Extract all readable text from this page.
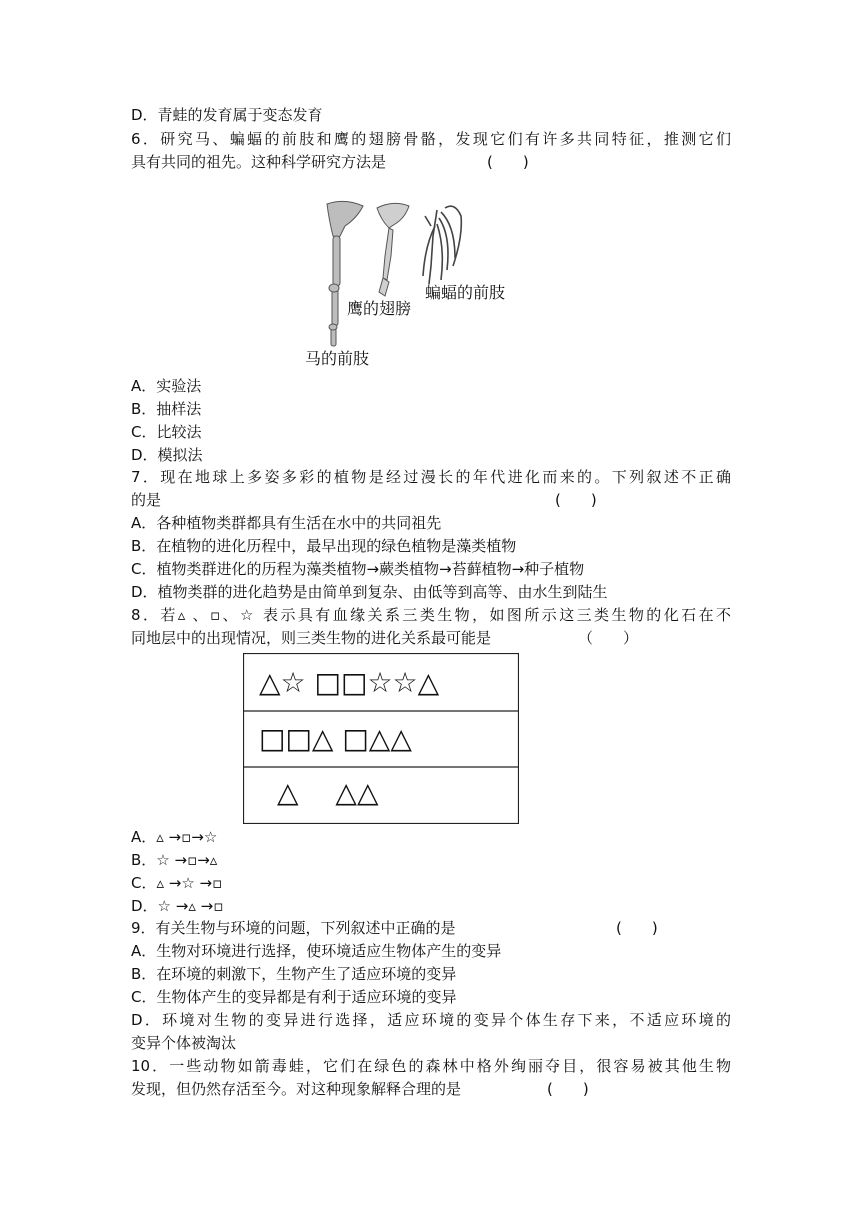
D．青蛙的发育属于变态发育
6．研究马、蝙蝠的前肢和鹰的翅膀骨骼，发现它们有许多共同特征，推测它们
具有共同的祖先。这种科学研究方法是	(　　)
蝙蝠的前肢
鹰的翅膀
马的前肢
A．实验法
B．抽样法
C．比较法
D．模拟法
7．现在地球上多姿多彩的植物是经过漫长的年代进化而来的。下列叙述不正确
的是	(　　)
A．各种植物类群都具有生活在水中的共同祖先
B．在植物的进化历程中，最早出现的绿色植物是藻类植物
C．植物类群进化的历程为藻类植物→蕨类植物→苔藓植物→种子植物
D．植物类群的进化趋势是由简单到复杂、由低等到高等、由水生到陆生
8．若▵ 、▫、☆ 表示具有血缘关系三类生物，如图所示这三类生物的化石在不
同地层中的出现情况，则三类生物的进化关系最可能是	（　　）
△☆ □□☆☆△
□□△ □△△
△　 △△
A．▵ →▫→☆
B．☆ →▫→▵
C．▵ →☆ →▫
D．☆ →▵ →▫
9．有关生物与环境的问题，下列叙述中正确的是	(　　)
A．生物对环境进行选择，使环境适应生物体产生的变异
B．在环境的刺激下，生物产生了适应环境的变异
C．生物体产生的变异都是有利于适应环境的变异
D．环境对生物的变异进行选择，适应环境的变异个体生存下来，不适应环境的
变异个体被淘汰
10．一些动物如箭毒蛙，它们在绿色的森林中格外绚丽夺目，很容易被其他生物
发现，但仍然存活至今。对这种现象解释合理的是	(　　)
